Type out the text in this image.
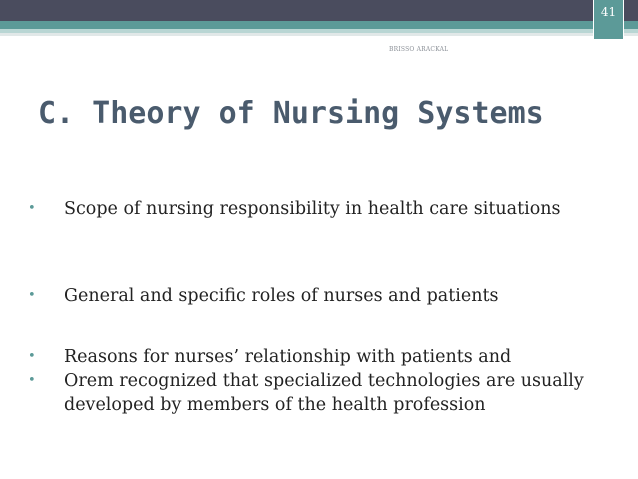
41
BRISSO ARACKAL
C. Theory of Nursing Systems
• Scope of nursing responsibility in health care situations
• General and specific roles of nurses and patients
• Reasons for nurses’ relationship with patients and
• Orem recognized that specialized technologies are usually developed by members of the health profession
